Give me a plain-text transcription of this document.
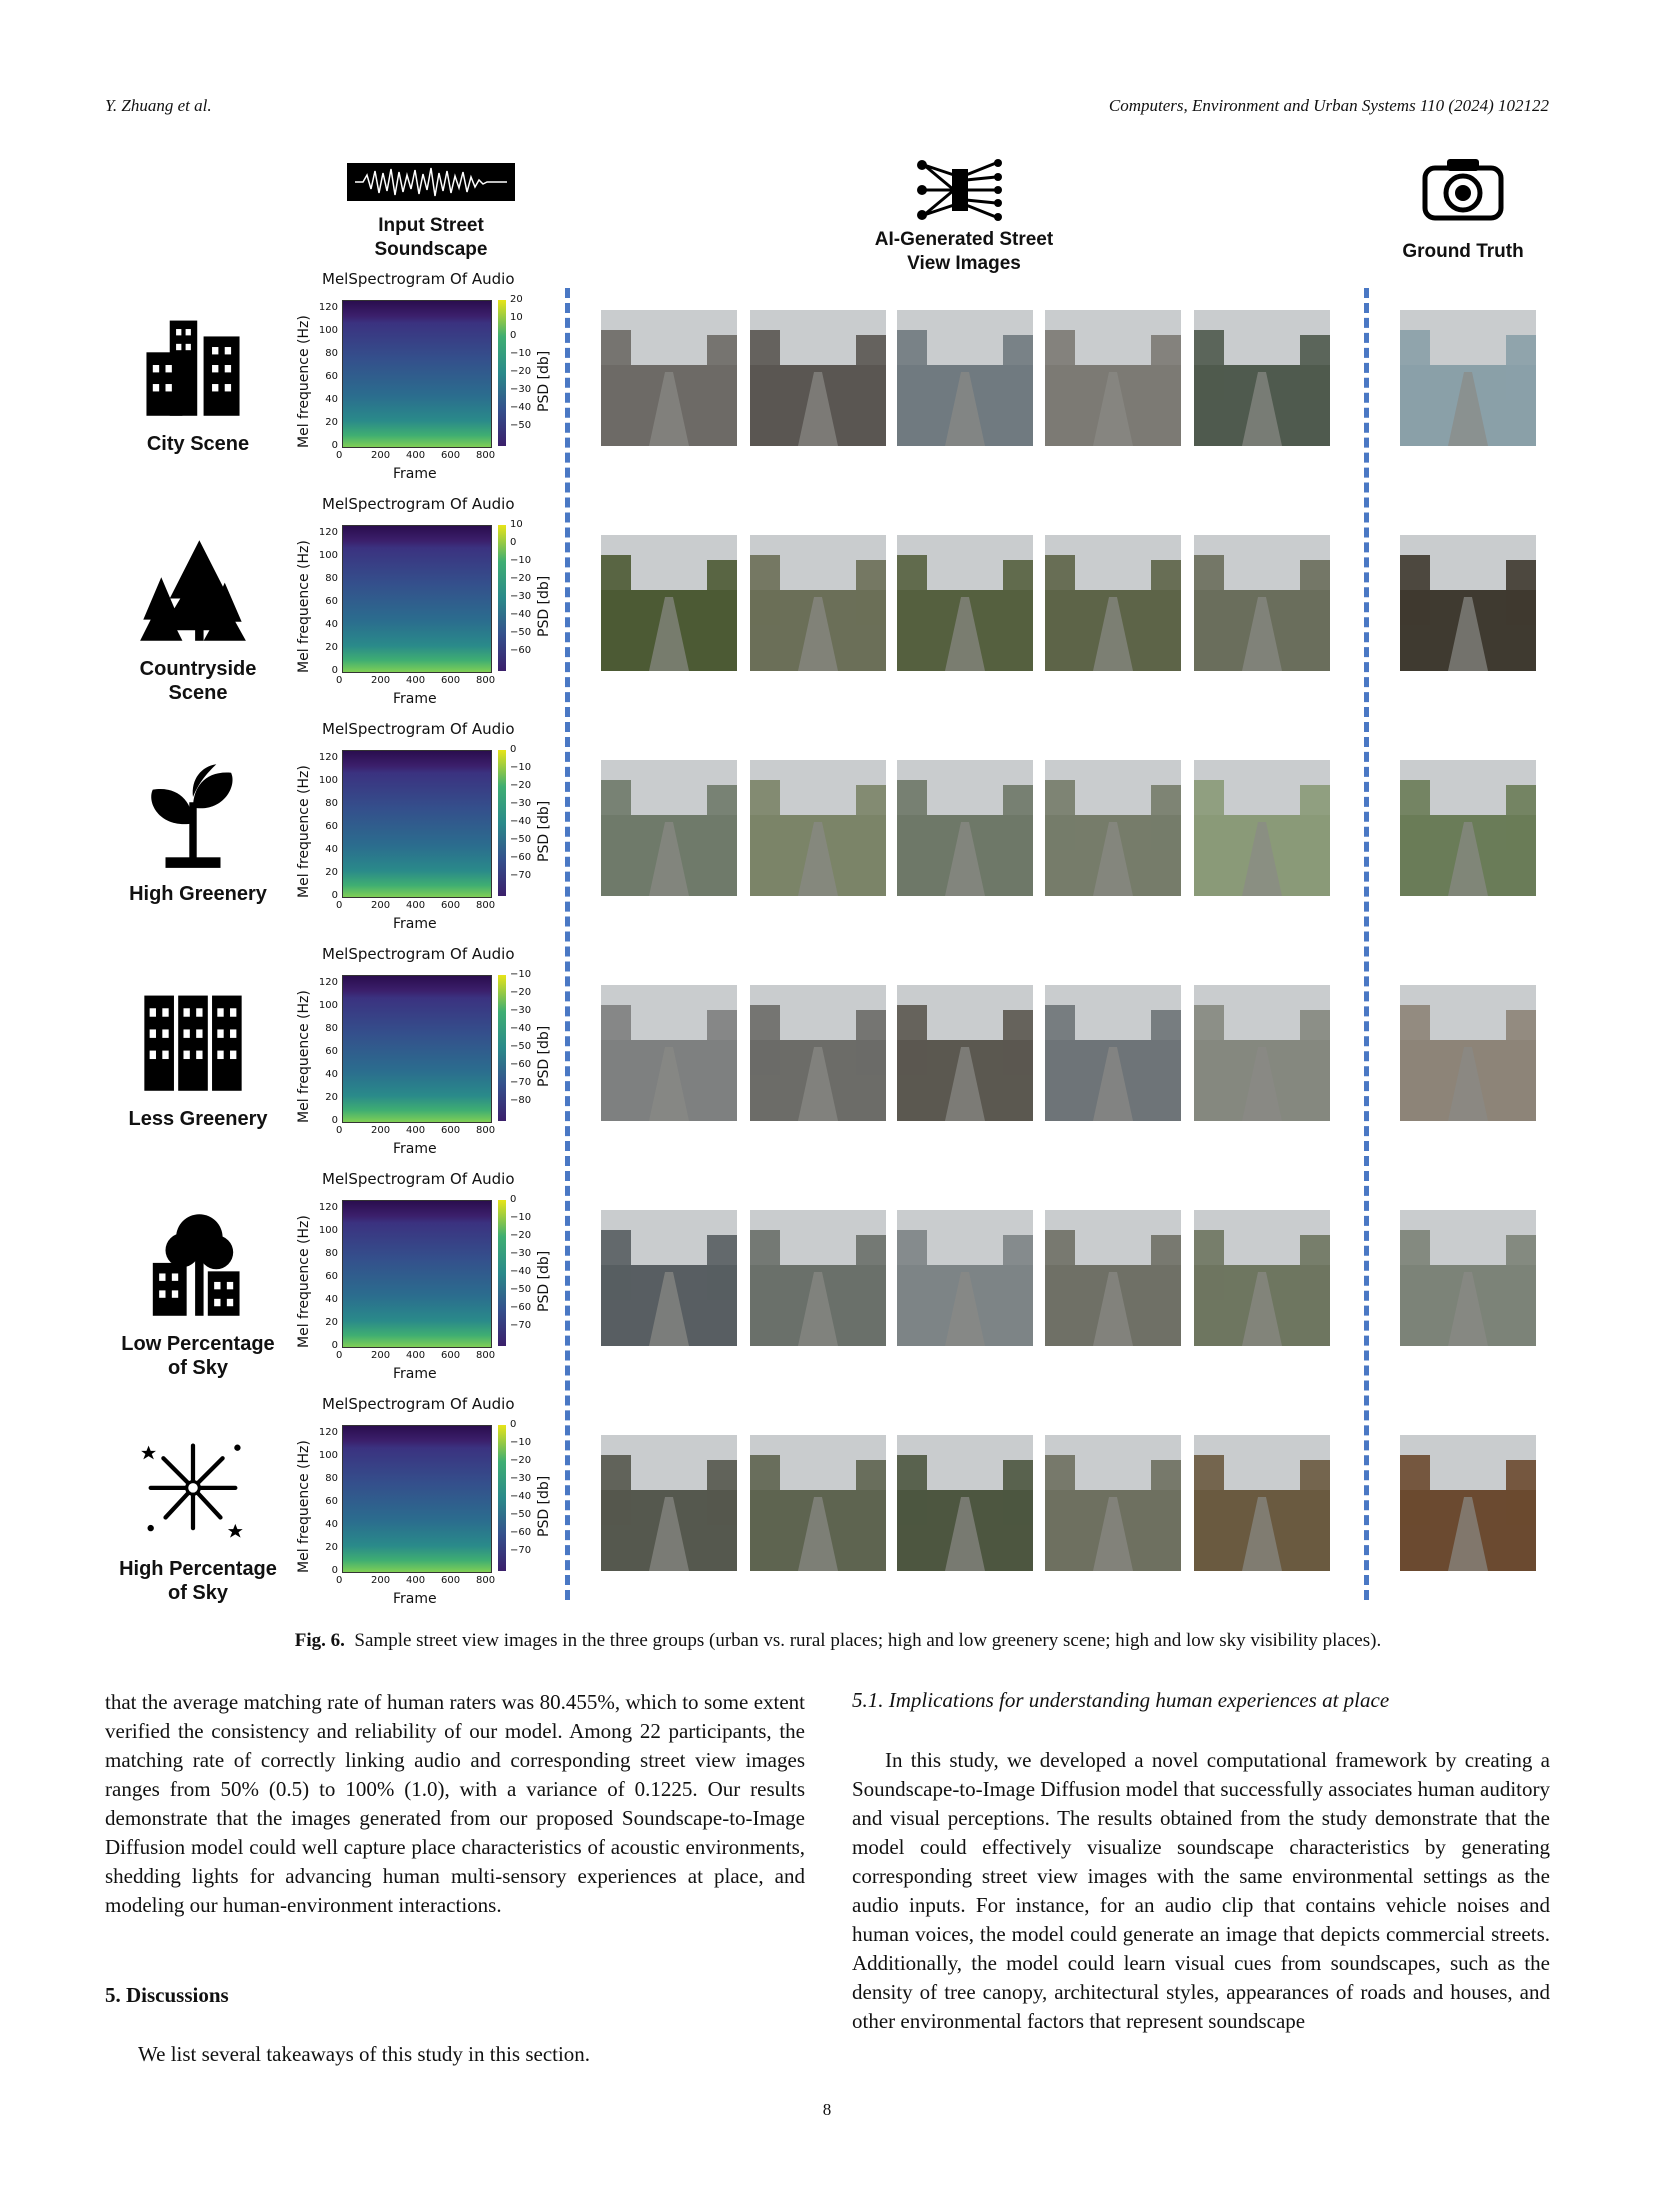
Y. Zhuang et al.	Computers, Environment and Urban Systems 110 (2024) 102122
Input Street
Soundscape	AI-Generated Street
View Images
Ground Truth
City Scene
MelSpectrogram Of Audio
Mel frequence (Hz)	0
20
40
60
80
100
120
0	200 400 600 800
Frame
20
10
0
−10
−20
−30
−40
−50
PSD [db]
Countryside
Scene
MelSpectrogram Of Audio
Mel frequence (Hz)	0
20
40
60
80
100
120
0	200 400 600 800
Frame
10
0
−10
−20
−30
−40
−50
−60
PSD [db]
High Greenery
MelSpectrogram Of Audio
Mel frequence (Hz)	0
20
40
60
80
100
120
0	200 400 600 800
Frame
0
−10
−20
−30
−40
−50
−60
−70
PSD [db]
Less Greenery
MelSpectrogram Of Audio
Mel frequence (Hz)	0
20
40
60
80
100
120
0	200 400 600 800
Frame
−10
−20
−30
−40
−50
−60
−70
−80
PSD [db]
Low Percentage
of Sky
MelSpectrogram Of Audio
Mel frequence (Hz)	0
20
40
60
80
100
120
0	200 400 600 800
Frame
0
−10
−20
−30
−40
−50
−60
−70
PSD [db]
High Percentage
of Sky
MelSpectrogram Of Audio
Mel frequence (Hz)	0
20
40
60
80
100
120
0	200 400 600 800
Frame
0
−10
−20
−30
−40
−50
−60
−70
PSD [db]
Fig. 6. Sample street view images in the three groups (urban vs. rural places; high and low greenery scene; high and low sky visibility places).
that the average matching rate of human raters was 80.455%, which to some extent verified the consistency and reliability of our model. Among 22 participants, the matching rate of correctly linking audio and corresponding street view images ranges from 50% (0.5) to 100% (1.0), with a variance of 0.1225. Our results demonstrate that the images generated from our proposed Soundscape-to-Image Diffusion model could well capture place characteristics of acoustic environments, shedding lights for advancing human multi-sensory experiences at place, and modeling our human-environment interactions.
5. Discussions
We list several takeaways of this study in this section.
5.1. Implications for understanding human experiences at place
In this study, we developed a novel computational framework by creating a Soundscape-to-Image Diffusion model that successfully associates human auditory and visual perceptions. The results obtained from the study demonstrate that the model could effectively visualize soundscape characteristics by generating corresponding street view images with the same environmental settings as the audio inputs. For instance, for an audio clip that contains vehicle noises and human voices, the model could generate an image that depicts commercial streets. Additionally, the model could learn visual cues from soundscapes, such as the density of tree canopy, architectural styles, appearances of roads and houses, and other environmental factors that represent soundscape
8
